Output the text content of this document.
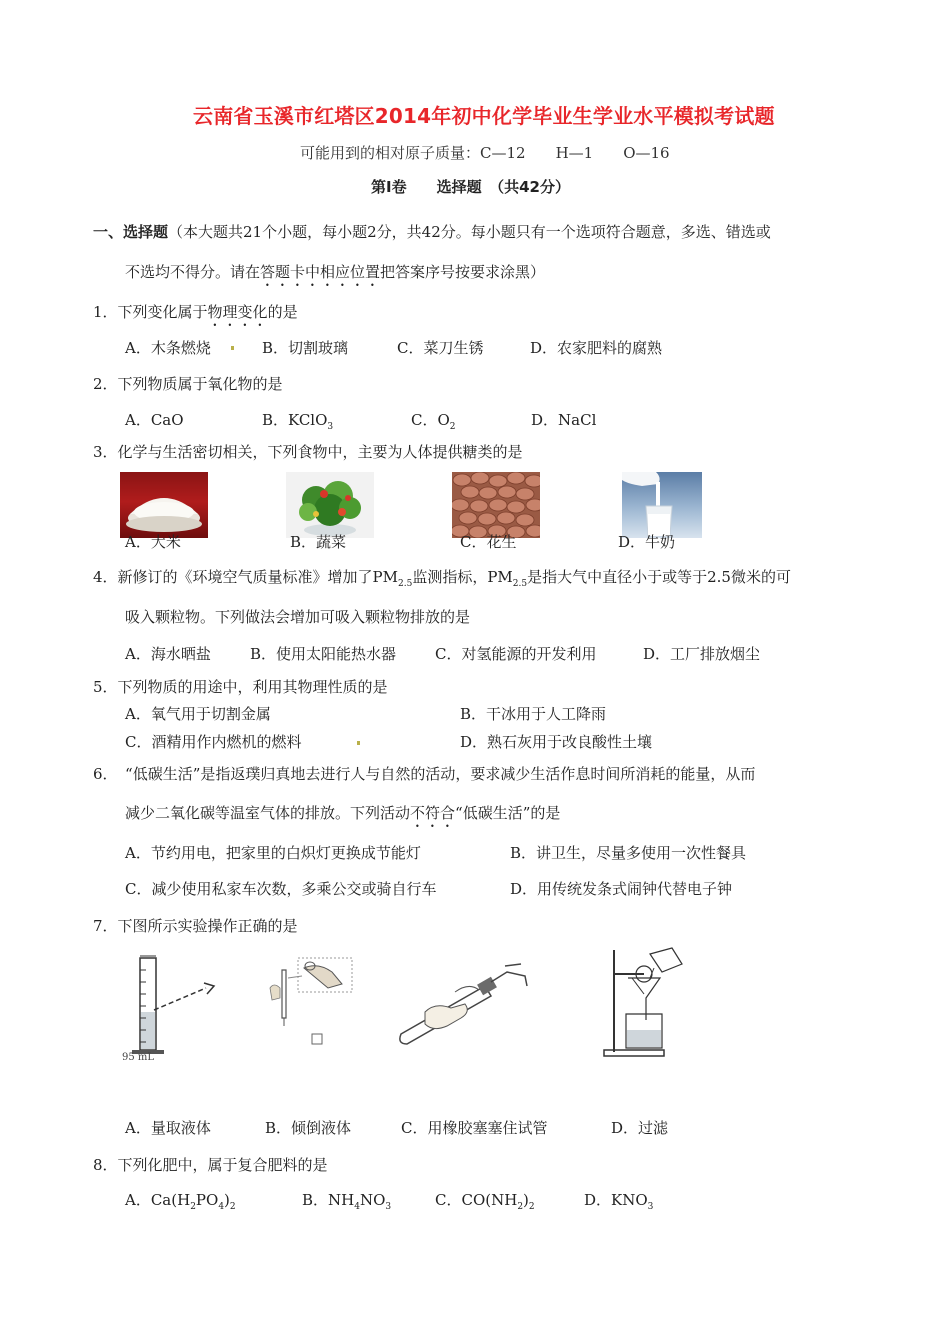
云南省玉溪市红塔区2014年初中化学毕业生学业水平模拟考试题
可能用到的相对原子质量：C—12　　H—1　　O—16
第Ⅰ卷　　选择题　（共42分）
一、选择题（本大题共21个小题，每小题2分，共42分。每小题只有一个选项符合题意，多选、错选或
不选均不得分。请在答题卡中相应位置把答案序号按要求涂黑）
1．下列变化属于物理变化的是
A．木条燃烧	B．切割玻璃	C．菜刀生锈	D．农家肥料的腐熟
2．下列物质属于氧化物的是
A．CaO	B．KClO$_3$	C．$O_2$	D．NaCl
3．化学与生活密切相关，下列食物中，主要为人体提供糖类的是
A．大米	B．蔬菜	C．花生	D．牛奶
4．新修订的《环境空气质量标准》增加了$PM_{2.5}$监测指标，$PM_{2.5}$是指大气中直径小于或等于2.5微米的可
吸入颗粒物。下列做法会增加可吸入颗粒物排放的是
A．海水晒盐	B．使用太阳能热水器	C．对氢能源的开发利用	D．工厂排放烟尘
5．下列物质的用途中，利用其物理性质的是
A．氧气用于切割金属	B．干冰用于人工降雨
C．酒精用作内燃机的燃料	D．熟石灰用于改良酸性土壤
6．　“低碳生活”是指返璞归真地去进行人与自然的活动，要求减少生活作息时间所消耗的能量，从而
减少二氧化碳等温室气体的排放。下列活动不符合“低碳生活”的是
A．节约用电，把家里的白炽灯更换成节能灯	B．讲卫生，尽量多使用一次性餐具
C．减少使用私家车次数，多乘公交或骑自行车	D．用传统发条式闹钟代替电子钟
7．下图所示实验操作正确的是
95 mL
A．量取液体	B．倾倒液体	C．用橡胶塞塞住试管	D．过滤
8．下列化肥中，属于复合肥料的是
A．$Ca(H_2PO_4)_2$	B．$NH_4NO_3$	C．$CO(NH_2)_2$	D．$KNO_3$
